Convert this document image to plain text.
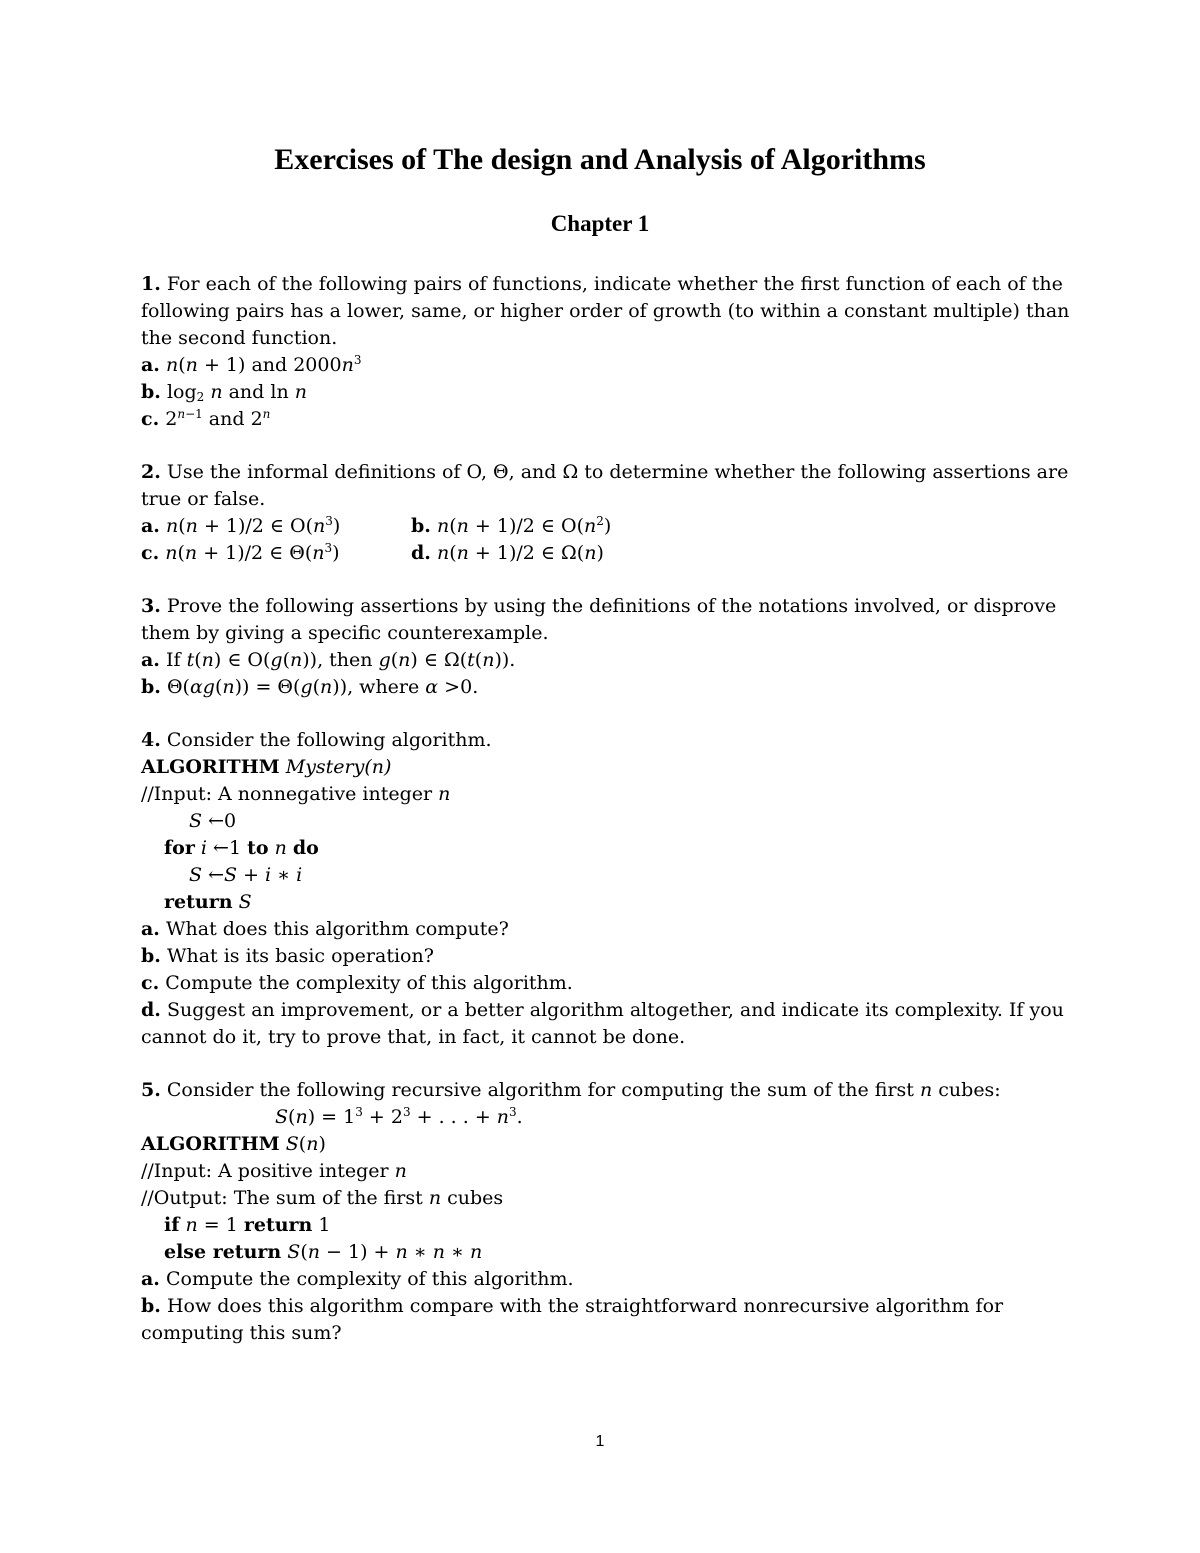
Exercises of The design and Analysis of Algorithms
Chapter 1
1. For each of the following pairs of functions, indicate whether the first function of each of the
following pairs has a lower, same, or higher order of growth (to within a constant multiple) than
the second function.
a. n(n + 1) and $2000n^3$
b. $\log_2 n$ and ln n
c. $2^{n-1}$ and 2$^n$
2. Use the informal definitions of O, Θ, and Ω to determine whether the following assertions are
true or false.
a. n(n + 1)/2 ∈ $O(n^3)$	b. n(n + 1)/2 ∈ $O(n^2)$
c. n(n + 1)/2 ∈ $\Theta(n^3)$	d. n(n + 1)/2 ∈ Ω(n)
3. Prove the following assertions by using the definitions of the notations involved, or disprove
them by giving a specific counterexample.
a. If t(n) ∈ O(g(n)), then g(n) ∈ Ω(t(n)).
b. Θ(αg(n)) = Θ(g(n)), where α >0.
4. Consider the following algorithm.
ALGORITHM Mystery(n)
//Input: A nonnegative integer n
S ←0
for i ←1 to n do
S ←S + i ∗ i
return S
a. What does this algorithm compute?
b. What is its basic operation?
c. Compute the complexity of this algorithm.
d. Suggest an improvement, or a better algorithm altogether, and indicate its complexity. If you
cannot do it, try to prove that, in fact, it cannot be done.
5. Consider the following recursive algorithm for computing the sum of the first n cubes:
$S(n) = 1^3 + 2^3$ + . . . + $n^3$.
ALGORITHM S(n)
//Input: A positive integer n
//Output: The sum of the first n cubes
if n = 1 return 1
else return S(n − 1) + n ∗ n ∗ n
a. Compute the complexity of this algorithm.
b. How does this algorithm compare with the straightforward nonrecursive algorithm for
computing this sum?
1
